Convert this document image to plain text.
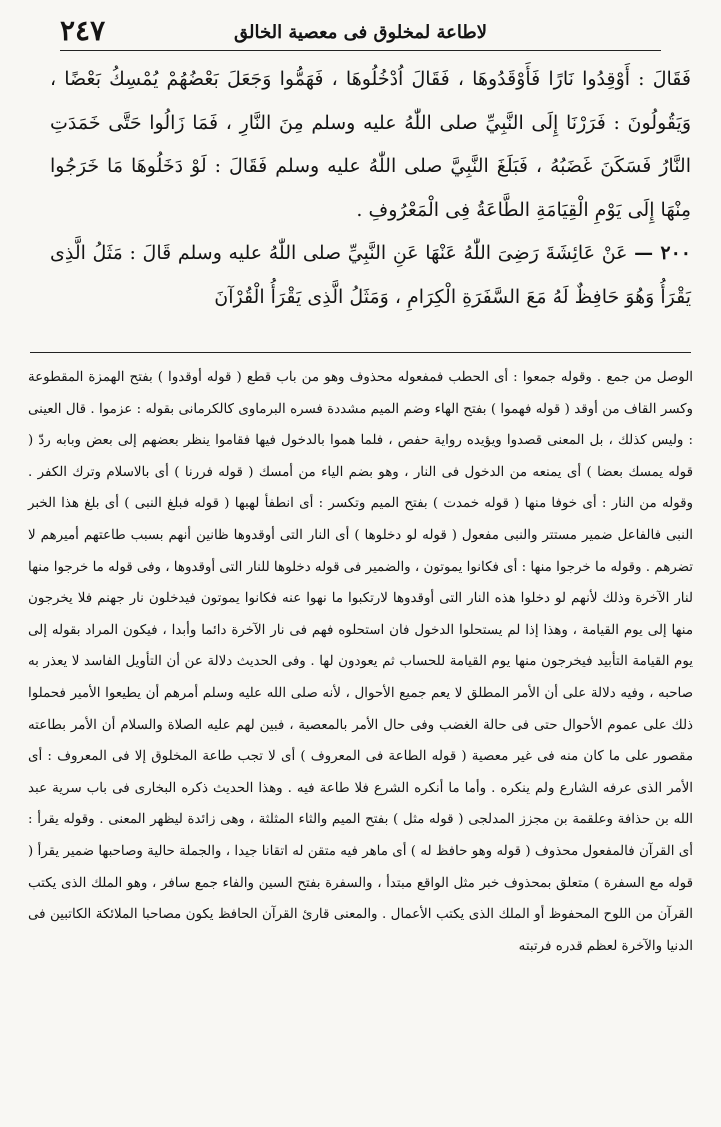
لاطاعة لمخلوق فى معصية الخالق
٢٤٧

فَقَالَ : أَوْقِدُوا نَارًا فَأَوْقَدُوهَا ، فَقَالَ اُدْخُلُوهَا ، فَهَمُّوا وَجَعَلَ بَعْضُهُمْ يُمْسِكُ بَعْضًا ، وَيَقُولُونَ : فَرَرْنَا إِلَى النَّبِيِّ صلى اللّٰهُ عليه وسلم مِنَ النَّارِ ، فَمَا زَالُوا حَتَّى خَمَدَتِ النَّارُ فَسَكَنَ غَضَبُهُ ، فَبَلَغَ النَّبِيَّ صلى اللّٰهُ عليه وسلم فَقَالَ : لَوْ دَخَلُوهَا مَا خَرَجُوا مِنْهَا إِلَى يَوْمِ الْقِيَامَةِ الطَّاعَةُ فِى الْمَعْرُوفِ .

٢٠٠ — عَنْ عَائِشَةَ رَضِىَ اللّٰهُ عَنْهَا عَنِ النَّبِيِّ صلى اللّٰهُ عليه وسلم قَالَ : مَثَلُ الَّذِى يَقْرَأُ وَهُوَ حَافِظٌ لَهُ مَعَ السَّفَرَةِ الْكِرَامِ ، وَمَثَلُ الَّذِى يَقْرَأُ الْقُرْآنَ

الوصل من جمع . وقوله جمعوا : أى الحطب فمفعوله محذوف وهو من باب قطع ( قوله أوقدوا ) بفتح الهمزة المقطوعة وكسر القاف من أوقد ( قوله فهموا ) بفتح الهاء وضم الميم مشددة فسره البرماوى كالكرمانى بقوله : عزموا . قال العينى : وليس كذلك ، بل المعنى قصدوا ويؤيده رواية حفص ، فلما هموا بالدخول فيها فقاموا ينظر بعضهم إلى بعض وبابه ردّ ( قوله يمسك بعضا ) أى يمنعه من الدخول فى النار ، وهو بضم الياء من أمسك ( قوله فررنا ) أى بالاسلام وترك الكفر . وقوله من النار : أى خوفا منها ( قوله خمدت ) بفتح الميم وتكسر : أى انطفأ لهبها ( قوله فبلغ النبى ) أى بلغ هذا الخبر النبى فالفاعل ضمير مستتر والنبى مفعول ( قوله لو دخلوها ) أى النار التى أوقدوها ظانين أنهم بسبب طاعتهم أميرهم لا تضرهم . وقوله ما خرجوا منها : أى فكانوا يموتون ، والضمير فى قوله دخلوها للنار التى أوقدوها ، وفى قوله ما خرجوا منها لنار الآخرة وذلك لأنهم لو دخلوا هذه النار التى أوقدوها لارتكبوا ما نهوا عنه فكانوا يموتون فيدخلون نار جهنم فلا يخرجون منها إلى يوم القيامة ، وهذا إذا لم يستحلوا الدخول فان استحلوه فهم فى نار الآخرة دائما وأبدا ، فيكون المراد بقوله إلى يوم القيامة التأبيد فيخرجون منها يوم القيامة للحساب ثم يعودون لها . وفى الحديث دلالة عن أن التأويل الفاسد لا يعذر به صاحبه ، وفيه دلالة على أن الأمر المطلق لا يعم جميع الأحوال ، لأنه صلى الله عليه وسلم أمرهم أن يطيعوا الأمير فحملوا ذلك على عموم الأحوال حتى فى حالة الغضب وفى حال الأمر بالمعصية ، فبين لهم عليه الصلاة والسلام أن الأمر بطاعته مقصور على ما كان منه فى غير معصية ( قوله الطاعة فى المعروف ) أى لا تجب طاعة المخلوق إلا فى المعروف : أى الأمر الذى عرفه الشارع ولم ينكره . وأما ما أنكره الشرع فلا طاعة فيه . وهذا الحديث ذكره البخارى فى باب سرية عبد الله بن حذافة وعلقمة بن مجزز المدلجى ( قوله مثل ) بفتح الميم والثاء المثلثة ، وهى زائدة ليظهر المعنى . وقوله يقرأ : أى القرآن فالمفعول محذوف ( قوله وهو حافظ له ) أى ماهر فيه متقن له اتقانا جيدا ، والجملة حالية وصاحبها ضمير يقرأ ( قوله مع السفرة ) متعلق بمحذوف خبر مثل الواقع مبتدأ ، والسفرة بفتح السين والفاء جمع سافر ، وهو الملك الذى يكتب القرآن من اللوح المحفوظ أو الملك الذى يكتب الأعمال . والمعنى قارئ القرآن الحافظ يكون مصاحبا الملائكة الكاتبين فى الدنيا والآخرة لعظم قدره فرتبته
